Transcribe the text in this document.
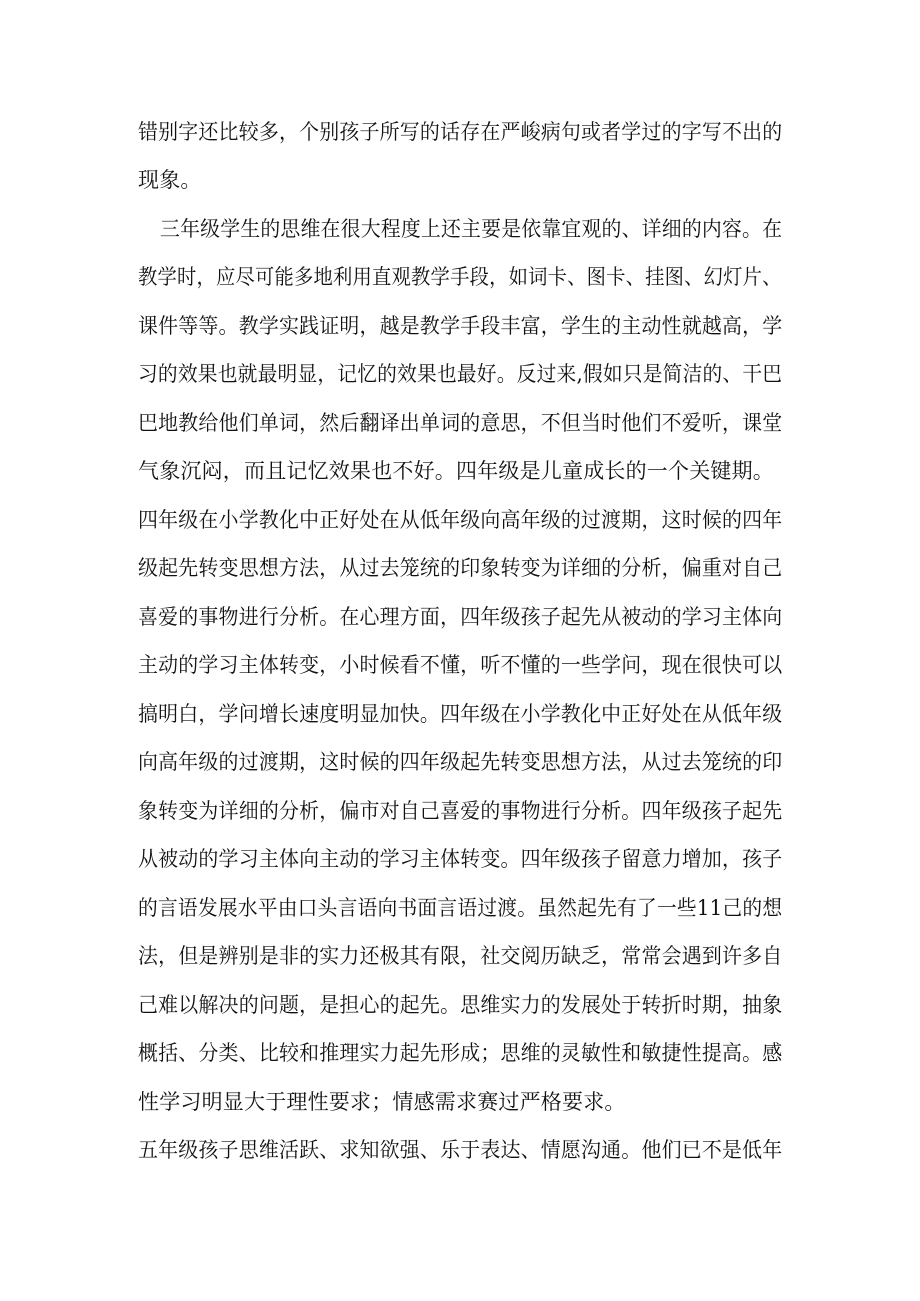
错别字还比较多，个别孩子所写的话存在严峻病句或者学过的字写不出的
现象。
三年级学生的思维在很大程度上还主要是依靠宜观的、详细的内容。在
教学时，应尽可能多地利用直观教学手段，如词卡、图卡、挂图、幻灯片、
课件等等。教学实践证明，越是教学手段丰富，学生的主动性就越高，学
习的效果也就最明显，记忆的效果也最好。反过来,假如只是简洁的、干巴
巴地教给他们单词，然后翻译出单词的意思，不但当时他们不爱听，课堂
气象沉闷，而且记忆效果也不好。四年级是儿童成长的一个关键期。
四年级在小学教化中正好处在从低年级向高年级的过渡期，这时候的四年
级起先转变思想方法，从过去笼统的印象转变为详细的分析，偏重对自己
喜爱的事物进行分析。在心理方面，四年级孩子起先从被动的学习主体向
主动的学习主体转变，小时候看不懂，听不懂的一些学问，现在很快可以
搞明白，学问增长速度明显加快。四年级在小学教化中正好处在从低年级
向高年级的过渡期，这时候的四年级起先转变思想方法，从过去笼统的印
象转变为详细的分析，偏市对自己喜爱的事物进行分析。四年级孩子起先
从被动的学习主体向主动的学习主体转变。四年级孩子留意力增加，孩子
的言语发展水平由口头言语向书面言语过渡。虽然起先有了一些11己的想
法，但是辨别是非的实力还极其有限，社交阅历缺乏，常常会遇到许多自
己难以解决的问题，是担心的起先。思维实力的发展处于转折时期，抽象
概括、分类、比较和推理实力起先形成；思维的灵敏性和敏捷性提高。感
性学习明显大于理性要求；情感需求赛过严格要求。
五年级孩子思维活跃、求知欲强、乐于表达、情愿沟通。他们已不是低年
